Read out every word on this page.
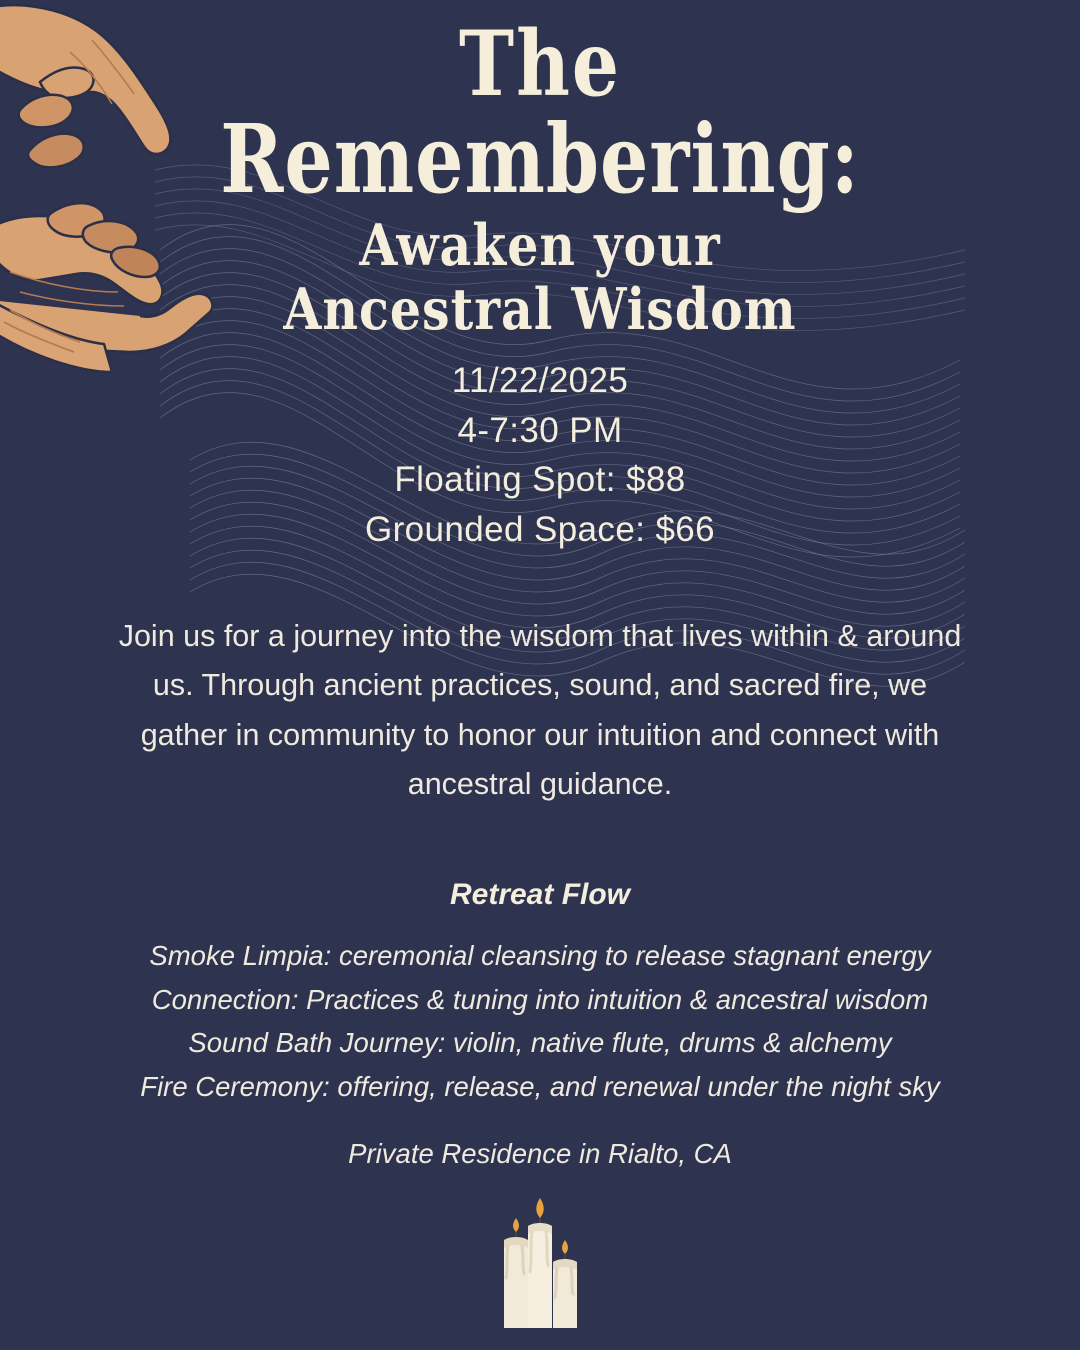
The
Remembering:
Awaken your
Ancestral Wisdom
11/22/2025
4-7:30 PM
Floating Spot: $88
Grounded Space: $66
Join us for a journey into the wisdom that lives within & around us. Through ancient practices, sound, and sacred fire, we gather in community to honor our intuition and connect with ancestral guidance.
Retreat Flow
Smoke Limpia: ceremonial cleansing to release stagnant energy
Connection: Practices & tuning into intuition & ancestral wisdom
Sound Bath Journey: violin, native flute, drums & alchemy
Fire Ceremony: offering, release, and renewal under the night sky
Private Residence in Rialto, CA
